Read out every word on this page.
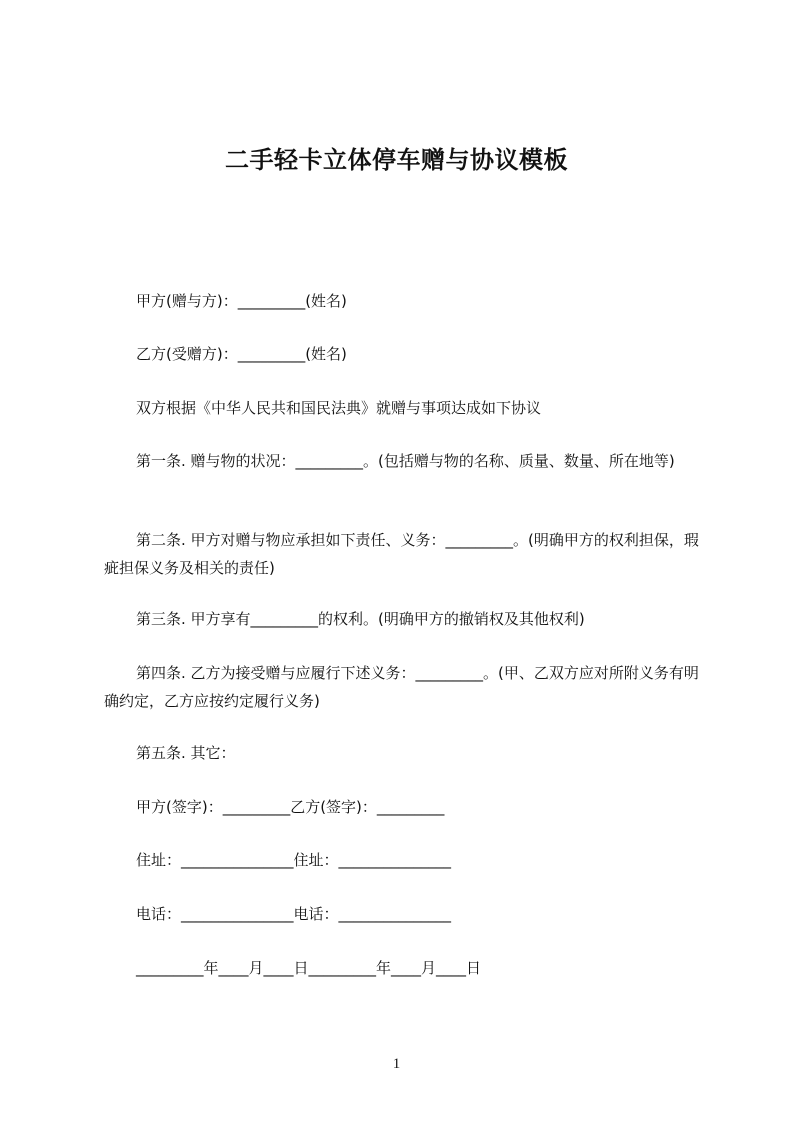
二手轻卡立体停车赠与协议模板
甲方(赠与方)：_________(姓名)
乙方(受赠方)：_________(姓名)
双方根据《中华人民共和国民法典》就赠与事项达成如下协议
第一条. 赠与物的状况：_________。(包括赠与物的名称、质量、数量、所在地等)
第二条. 甲方对赠与物应承担如下责任、义务：_________。(明确甲方的权利担保，瑕疵担保义务及相关的责任)
第三条. 甲方享有_________的权利。(明确甲方的撤销权及其他权利)
第四条. 乙方为接受赠与应履行下述义务：_________。(甲、乙双方应对所附义务有明确约定，乙方应按约定履行义务)
第五条. 其它：
甲方(签字)：_________乙方(签字)：_________
住址：_______________住址：_______________
电话：_______________电话：_______________
_________年____月____日_________年____月____日
1
